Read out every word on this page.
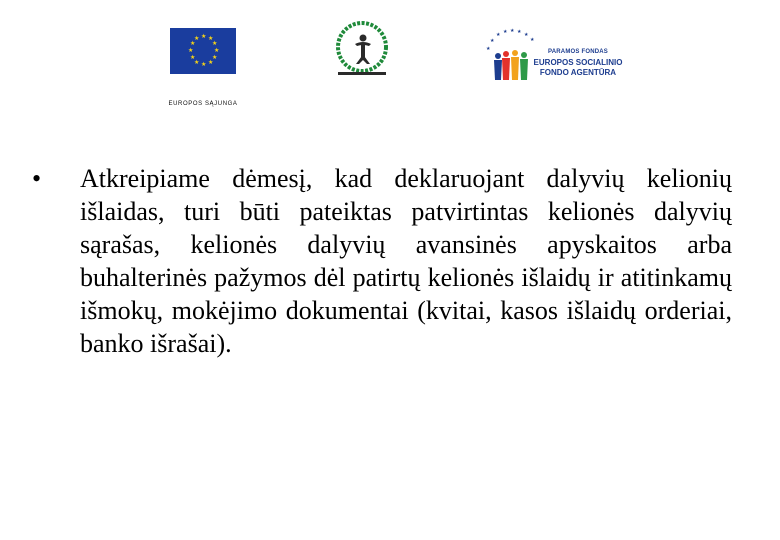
★ ★
★
★
★
★
★
★
★
★
★
★
EUROPOS SĄJUNGA
★
★
★ ★ ★ ★ ★
★
PARAMOS FONDAS
EUROPOS SOCIALINIO
FONDO AGENTŪRA
• Atkreipiame dėmesį, kad deklaruojant dalyvių kelionių išlaidas, turi būti pateiktas patvirtintas kelionės dalyvių sąrašas, kelionės dalyvių avansinės apyskaitos arba buhalterinės pažymos dėl patirtų kelionės išlaidų ir atitinkamų išmokų, mokėjimo dokumentai (kvitai, kasos išlaidų orderiai, banko išrašai).
